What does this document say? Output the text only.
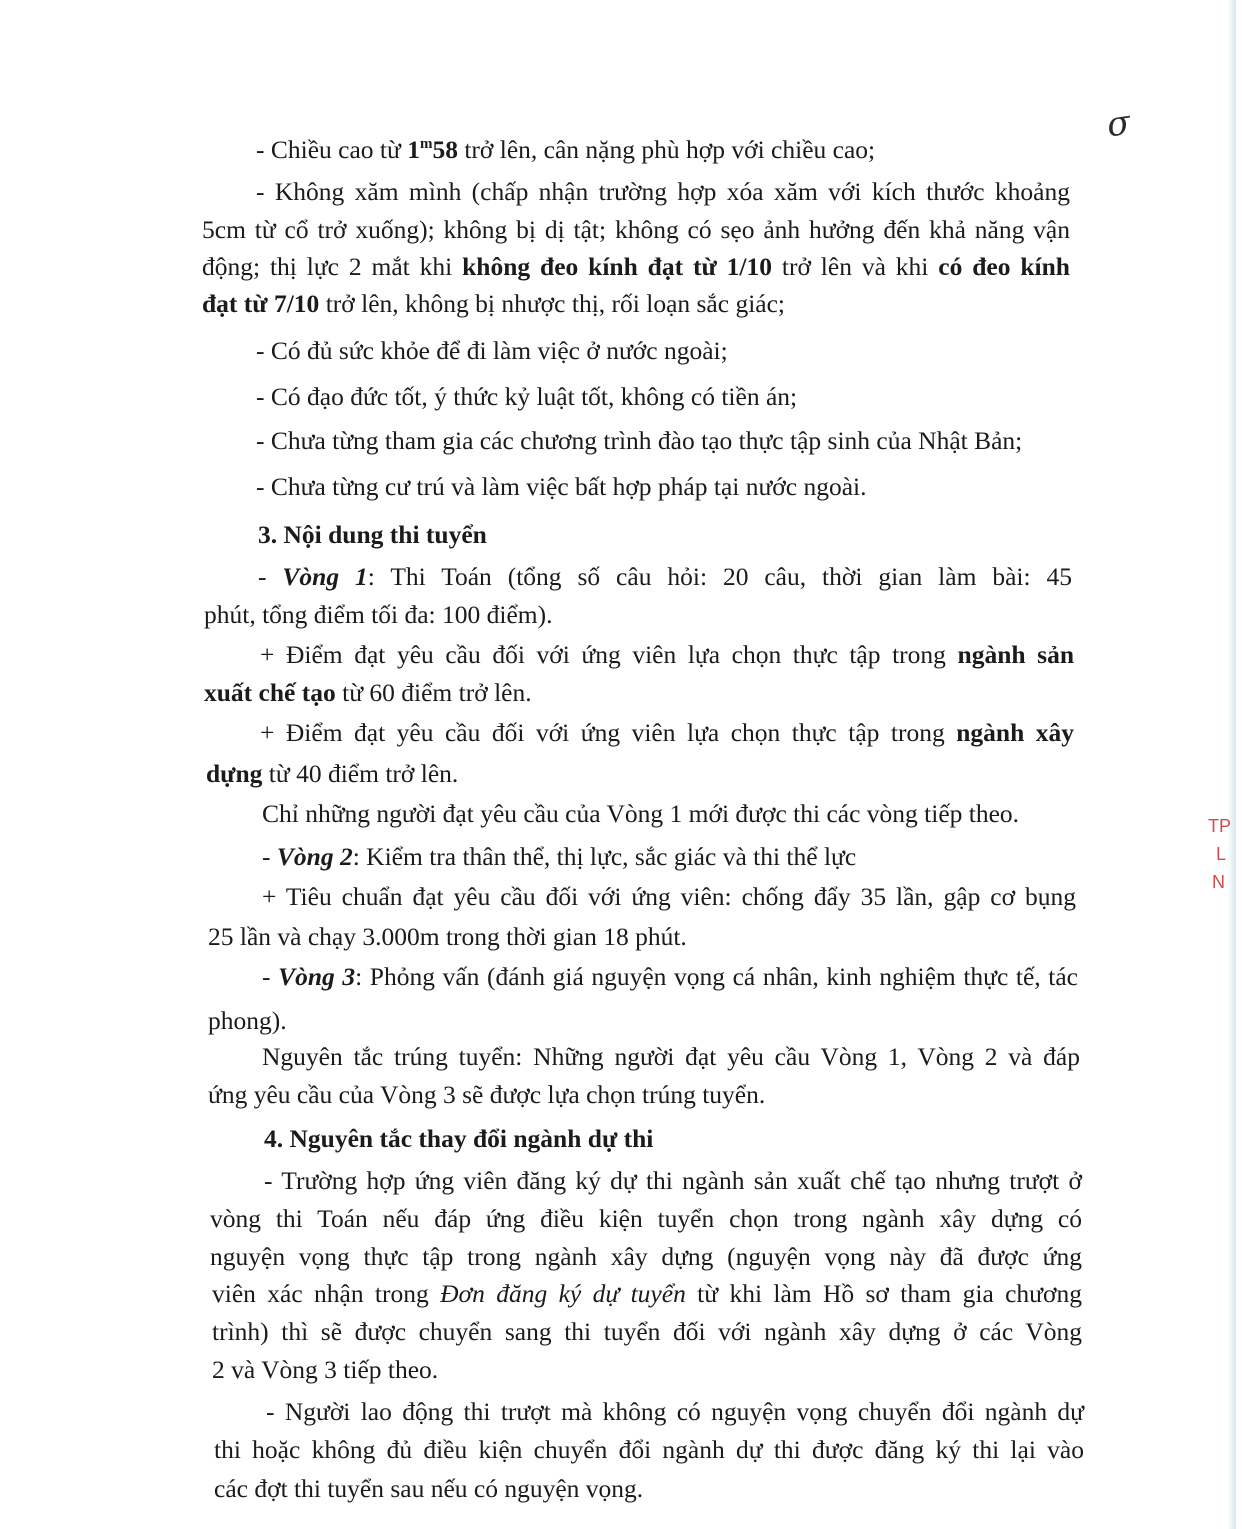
σ
TP
L
N
- Chiều cao từ 1$^m$58 trở lên, cân nặng phù hợp với chiều cao;
- Không xăm mình (chấp nhận trường hợp xóa xăm với kích thước khoảng
5cm từ cổ trở xuống); không bị dị tật; không có sẹo ảnh hưởng đến khả năng vận
động; thị lực 2 mắt khi không đeo kính đạt từ 1/10 trở lên và khi có đeo kính
đạt từ 7/10 trở lên, không bị nhược thị, rối loạn sắc giác;
- Có đủ sức khỏe để đi làm việc ở nước ngoài;
- Có đạo đức tốt, ý thức kỷ luật tốt, không có tiền án;
- Chưa từng tham gia các chương trình đào tạo thực tập sinh của Nhật Bản;
- Chưa từng cư trú và làm việc bất hợp pháp tại nước ngoài.
3. Nội dung thi tuyển
- Vòng 1: Thi Toán (tổng số câu hỏi: 20 câu, thời gian làm bài: 45
phút, tổng điểm tối đa: 100 điểm).
+ Điểm đạt yêu cầu đối với ứng viên lựa chọn thực tập trong ngành sản
xuất chế tạo từ 60 điểm trở lên.
+ Điểm đạt yêu cầu đối với ứng viên lựa chọn thực tập trong ngành xây
dựng từ 40 điểm trở lên.
Chỉ những người đạt yêu cầu của Vòng 1 mới được thi các vòng tiếp theo.
- Vòng 2: Kiểm tra thân thể, thị lực, sắc giác và thi thể lực
+ Tiêu chuẩn đạt yêu cầu đối với ứng viên: chống đẩy 35 lần, gập cơ bụng
25 lần và chạy 3.000m trong thời gian 18 phút.
- Vòng 3: Phỏng vấn (đánh giá nguyện vọng cá nhân, kinh nghiệm thực tế, tác
phong).
Nguyên tắc trúng tuyển: Những người đạt yêu cầu Vòng 1, Vòng 2 và đáp
ứng yêu cầu của Vòng 3 sẽ được lựa chọn trúng tuyển.
4. Nguyên tắc thay đổi ngành dự thi
- Trường hợp ứng viên đăng ký dự thi ngành sản xuất chế tạo nhưng trượt ở
vòng thi Toán nếu đáp ứng điều kiện tuyển chọn trong ngành xây dựng có
nguyện vọng thực tập trong ngành xây dựng (nguyện vọng này đã được ứng
viên xác nhận trong Đơn đăng ký dự tuyển từ khi làm Hồ sơ tham gia chương
trình) thì sẽ được chuyển sang thi tuyển đối với ngành xây dựng ở các Vòng
2 và Vòng 3 tiếp theo.
- Người lao động thi trượt mà không có nguyện vọng chuyển đổi ngành dự
thi hoặc không đủ điều kiện chuyển đổi ngành dự thi được đăng ký thi lại vào
các đợt thi tuyển sau nếu có nguyện vọng.
